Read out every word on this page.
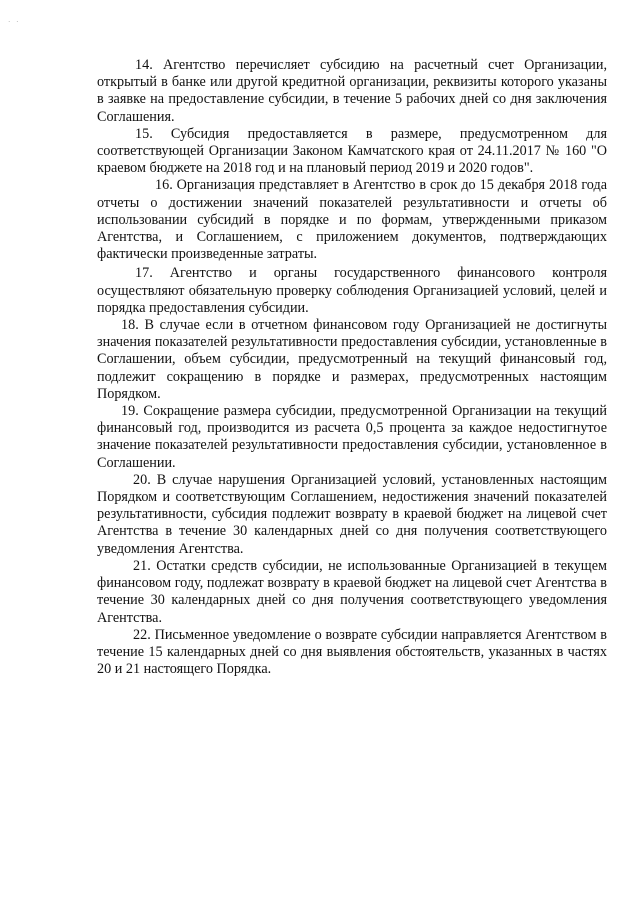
· ·

14. Агентство перечисляет субсидию на расчетный счет Организации, открытый в банке или другой кредитной организации, реквизиты которого указаны в заявке на предоставление субсидии, в течение 5 рабочих дней со дня заключения Соглашения.

15. Субсидия предоставляется в размере, предусмотренном для соответствующей Организации Законом Камчатского края от 24.11.2017 № 160 "О краевом бюджете на 2018 год и на плановый период 2019 и 2020 годов".

16. Организация представляет в Агентство в срок до 15 декабря 2018 года отчеты о достижении значений показателей результативности и отчеты об использовании субсидий в порядке и по формам, утвержденными приказом Агентства, и Соглашением, с приложением документов, подтверждающих фактически произведенные затраты.

17. Агентство и органы государственного финансового контроля осуществляют обязательную проверку соблюдения Организацией условий, целей и порядка предоставления субсидии.

18. В случае если в отчетном финансовом году Организацией не достигнуты значения показателей результативности предоставления субсидии, установленные в Соглашении, объем субсидии, предусмотренный на текущий финансовый год, подлежит сокращению в порядке и размерах, предусмотренных настоящим Порядком.

19. Сокращение размера субсидии, предусмотренной Организации на текущий финансовый год, производится из расчета 0,5 процента за каждое недостигнутое значение показателей результативности предоставления субсидии, установленное в Соглашении.

20. В случае нарушения Организацией условий, установленных настоящим Порядком и соответствующим Соглашением, недостижения значений показателей результативности, субсидия подлежит возврату в краевой бюджет на лицевой счет Агентства в течение 30 календарных дней со дня получения соответствующего уведомления Агентства.

21. Остатки средств субсидии, не использованные Организацией в текущем финансовом году, подлежат возврату в краевой бюджет на лицевой счет Агентства в течение 30 календарных дней со дня получения соответствующего уведомления Агентства.

22. Письменное уведомление о возврате субсидии направляется Агентством в течение 15 календарных дней со дня выявления обстоятельств, указанных в частях 20 и 21 настоящего Порядка.
